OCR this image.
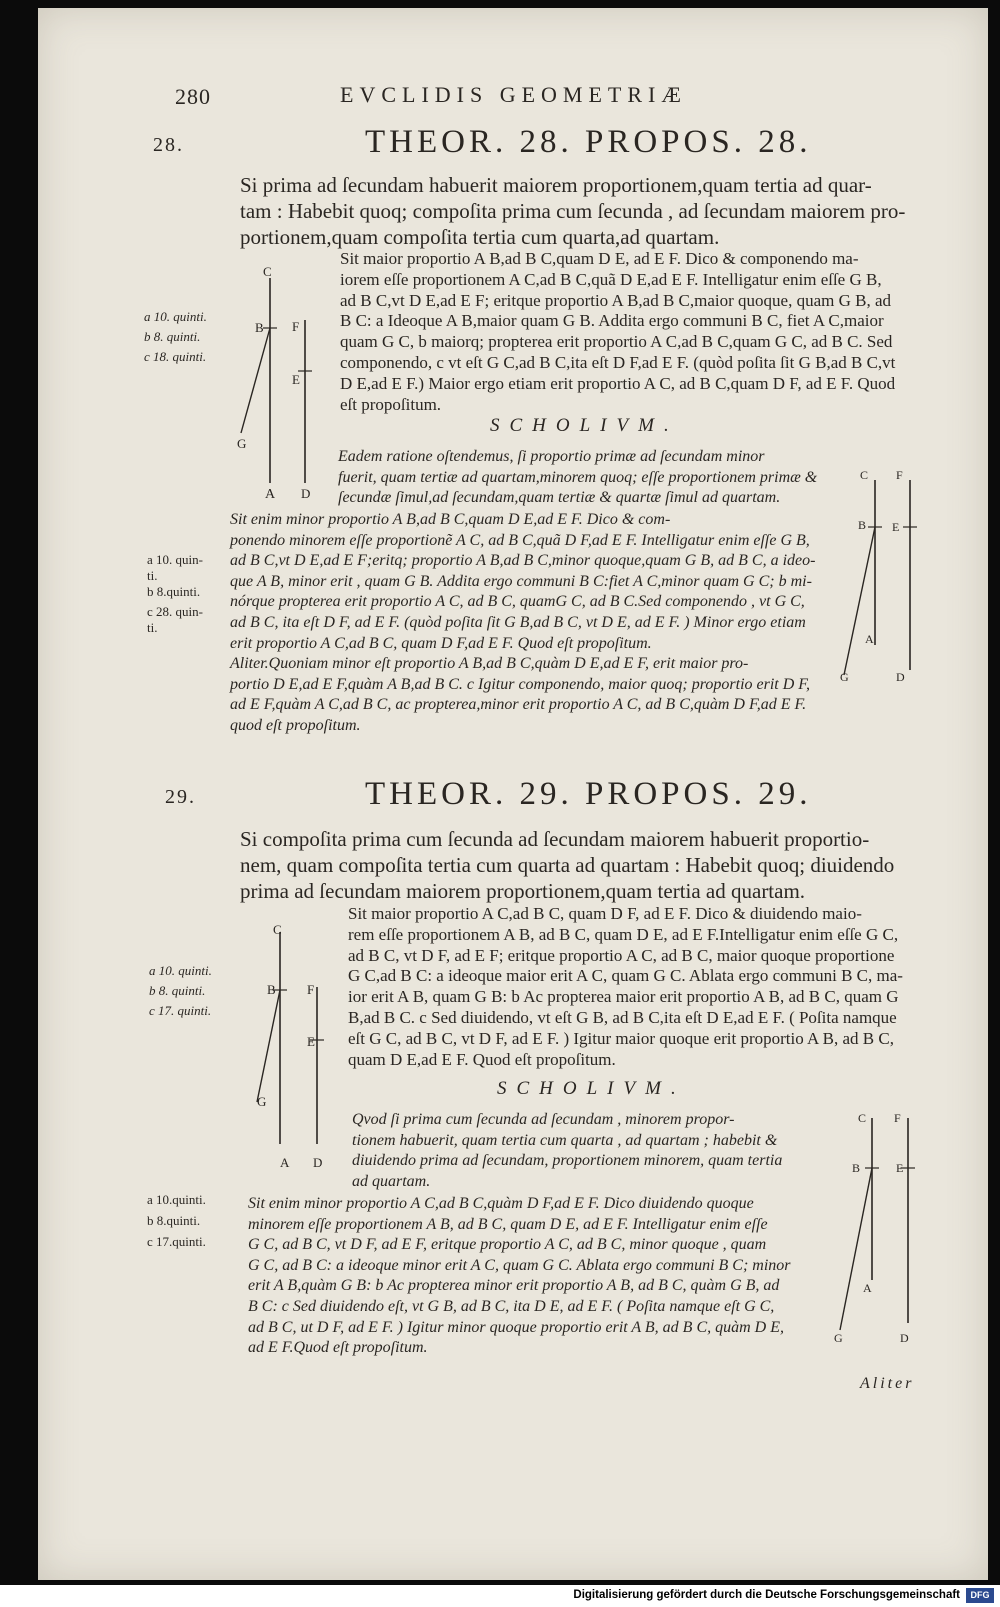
280	EVCLIDIS GEOMETRIÆ
28.	THEOR. 28. PROPOS. 28.
Si prima ad ſecundam habuerit maiorem proportionem,quam tertia ad quar-
tam : Habebit quoq; compoſita prima cum ſecunda , ad ſecundam maiorem pro-
portionem,quam compoſita tertia cum quarta,ad quartam.
a 10. quinti.
b 8. quinti.
c 18. quinti.
C
B F
E
G
A D
Sit maior proportio A B,ad B C,quam D E, ad E F. Dico & componendo ma-
iorem eſſe proportionem A C,ad B C,quã D E,ad E F. Intelligatur enim eſſe G B,
ad B C,vt D E,ad E F; eritque proportio A B,ad B C,maior quoque, quam G B, ad
B C: a Ideoque A B,maior quam G B. Addita ergo communi B C, fiet A C,maior
quam G C, b maiorq; propterea erit proportio A C,ad B C,quam G C, ad B C. Sed
componendo, c vt eſt G C,ad B C,ita eſt D F,ad E F. (quòd poſita ſit G B,ad B C,vt
D E,ad E F.) Maior ergo etiam erit proportio A C, ad B C,quam D F, ad E F. Quod
eſt propoſitum.
SCHOLIVM.
Eadem ratione oſtendemus, ſi proportio primæ ad ſecundam minor
fuerit, quam tertiæ ad quartam,minorem quoq; eſſe proportionem primæ &
ſecundæ ſimul,ad ſecundam,quam tertiæ & quartæ ſimul ad quartam.
C F
B E
A
G	D
a 10. quin-
ti.
b 8.quinti.
c 28. quin-
ti.
Sit enim minor proportio A B,ad B C,quam D E,ad E F. Dico & com-
ponendo minorem eſſe proportionẽ A C, ad B C,quã D F,ad E F. Intelligatur enim eſſe G B,
ad B C,vt D E,ad E F;eritq; proportio A B,ad B C,minor quoque,quam G B, ad B C, a ideo-
que A B, minor erit , quam G B. Addita ergo communi B C:fiet A C,minor quam G C; b mi-
nórque propterea erit proportio A C, ad B C, quamG C, ad B C.Sed componendo , vt G C,
ad B C, ita eſt D F, ad E F. (quòd poſita ſit G B,ad B C, vt D E, ad E F. ) Minor ergo etiam
erit proportio A C,ad B C, quam D F,ad E F. Quod eſt propoſitum.
Aliter.Quoniam minor eſt proportio A B,ad B C,quàm D E,ad E F, erit maior pro-
portio D E,ad E F,quàm A B,ad B C. c Igitur componendo, maior quoq; proportio erit D F,
ad E F,quàm A C,ad B C, ac propterea,minor erit proportio A C, ad B C,quàm D F,ad E F.
quod eſt propoſitum.
29.	THEOR. 29. PROPOS. 29.
Si compoſita prima cum ſecunda ad ſecundam maiorem habuerit proportio-
nem, quam compoſita tertia cum quarta ad quartam : Habebit quoq; diuidendo
prima ad ſecundam maiorem proportionem,quam tertia ad quartam.
a 10. quinti.
b 8. quinti.
c 17. quinti.
C
B F
E
G
A D
Sit maior proportio A C,ad B C, quam D F, ad E F. Dico & diuidendo maio-
rem eſſe proportionem A B, ad B C, quam D E, ad E F.Intelligatur enim eſſe G C,
ad B C, vt D F, ad E F; eritque proportio A C, ad B C, maior quoque proportione
G C,ad B C: a ideoque maior erit A C, quam G C. Ablata ergo communi B C, ma-
ior erit A B, quam G B: b Ac propterea maior erit proportio A B, ad B C, quam G
B,ad B C. c Sed diuidendo, vt eſt G B, ad B C,ita eſt D E,ad E F. ( Poſita namque
eſt G C, ad B C, vt D F, ad E F. ) Igitur maior quoque erit proportio A B, ad B C,
quam D E,ad E F. Quod eſt propoſitum.
SCHOLIVM.
Qvod ſi prima cum ſecunda ad ſecundam , minorem propor-
tionem habuerit, quam tertia cum quarta , ad quartam ; habebit &
diuidendo prima ad ſecundam, proportionem minorem, quam tertia
ad quartam.
C F
B	E
A
G	D
a 10.quinti.
b 8.quinti.
c 17.quinti.
Sit enim minor proportio A C,ad B C,quàm D F,ad E F. Dico diuidendo quoque
minorem eſſe proportionem A B, ad B C, quam D E, ad E F. Intelligatur enim eſſe
G C, ad B C, vt D F, ad E F, eritque proportio A C, ad B C, minor quoque , quam
G C, ad B C: a ideoque minor erit A C, quam G C. Ablata ergo communi B C; minor
erit A B,quàm G B: b Ac propterea minor erit proportio A B, ad B C, quàm G B, ad
B C: c Sed diuidendo eſt, vt G B, ad B C, ita D E, ad E F. ( Poſita namque eſt G C,
ad B C, ut D F, ad E F. ) Igitur minor quoque proportio erit A B, ad B C, quàm D E,
ad E F.Quod eſt propoſitum.
Aliter
Digitalisierung gefördert durch die Deutsche Forschungsgemeinschaft	DFG
